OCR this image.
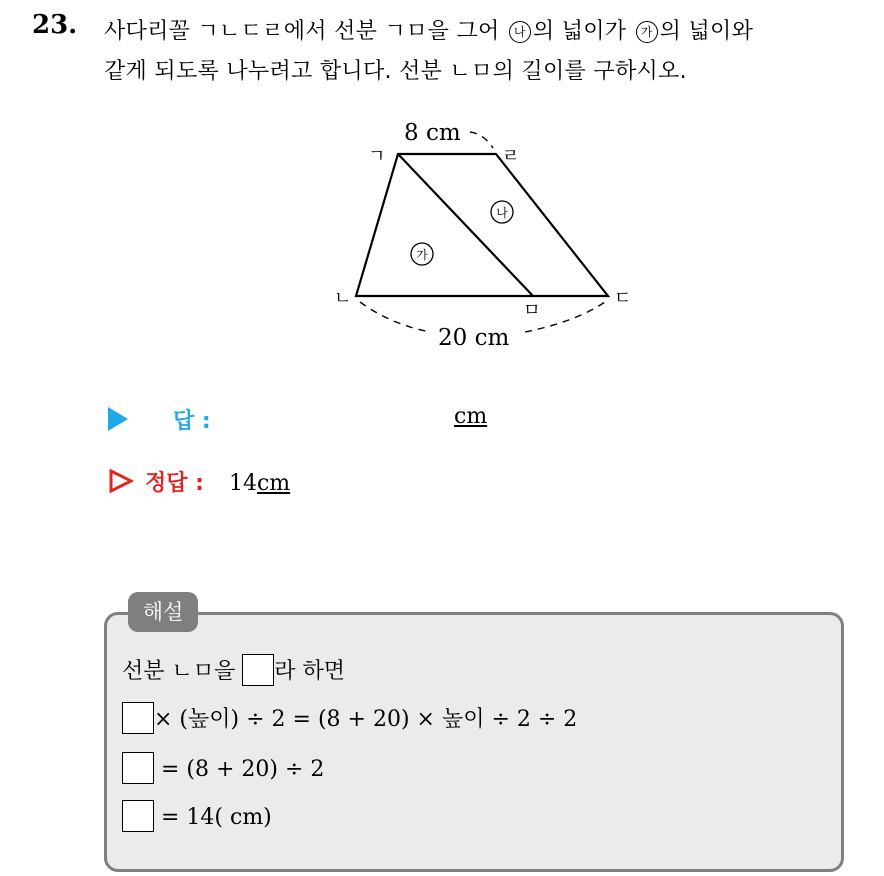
23. 사다리꼴 ㄱㄴㄷㄹ에서 선분 ㄱㅁ을 그어 나 의 넓이가 가 의 넓이와
같게 되도록 나누려고 합니다. 선분 ㄴㅁ의 길이를 구하시오.
8 cm
20 cm
ㄱ	ㄹ
ㄴ	ㄷ
ㅁ
가
나
답 :	cm
정답 : 14cm
해설
선분 ㄴㅁ을 라 하면
× (높이) ÷ 2 = (8 + 20) × 높이 ÷ 2 ÷ 2
= (8 + 20) ÷ 2
= 14( cm)
